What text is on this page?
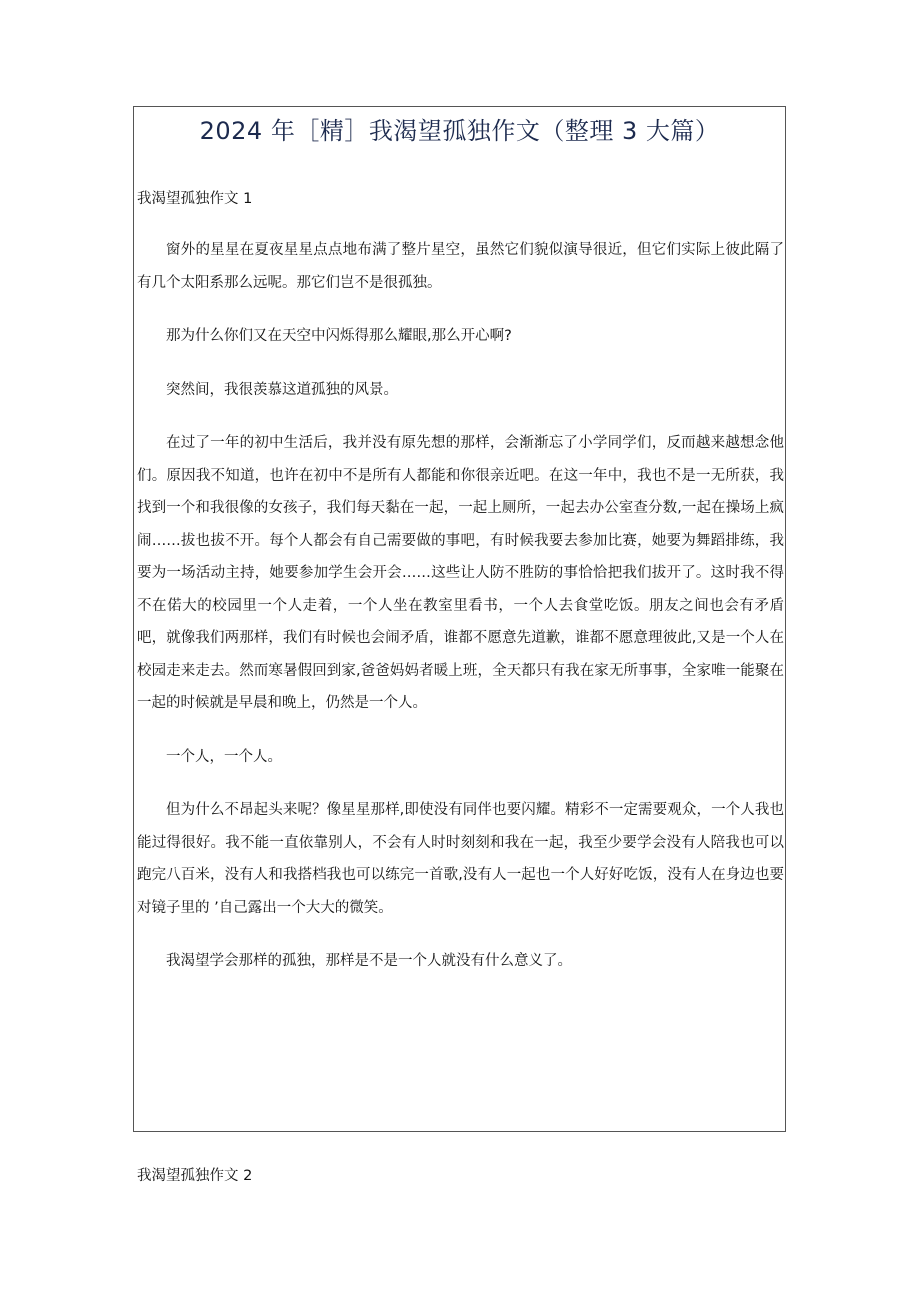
2024 年［精］我渴望孤独作文（整理 3 大篇）
我渴望孤独作文 1

窗外的星星在夏夜星星点点地布满了整片星空，虽然它们貌似演导很近，但它们实际上彼此隔了有几个太阳系那么远呢。那它们岂不是很孤独。

那为什么你们又在天空中闪烁得那么耀眼,那么开心啊?

突然间，我很羡慕这道孤独的风景。

在过了一年的初中生活后，我并没有原先想的那样，会渐渐忘了小学同学们，反而越来越想念他们。原因我不知道，也许在初中不是所有人都能和你很亲近吧。在这一年中，我也不是一无所获，我找到一个和我很像的女孩子，我们每天黏在一起，一起上厕所，一起去办公室查分数,一起在操场上疯闹……拔也拔不开。每个人都会有自己需要做的事吧，有时候我要去参加比赛，她要为舞蹈排练，我要为一场活动主持，她要参加学生会开会……这些让人防不胜防的事恰恰把我们拔开了。这时我不得不在偌大的校园里一个人走着，一个人坐在教室里看书，一个人去食堂吃饭。朋友之间也会有矛盾吧，就像我们两那样，我们有时候也会闹矛盾，谁都不愿意先道歉，谁都不愿意理彼此,又是一个人在校园走来走去。然而寒暑假回到家,爸爸妈妈者暖上班，全天都只有我在家无所事事，全家唯一能聚在一起的时候就是早晨和晚上，仍然是一个人。

一个人，一个人。

但为什么不昂起头来呢？像星星那样,即使没有同伴也要闪耀。精彩不一定需要观众，一个人我也能过得很好。我不能一直依靠别人，不会有人时时刻刻和我在一起，我至少要学会没有人陪我也可以跑完八百米，没有人和我搭档我也可以练完一首歌,没有人一起也一个人好好吃饭，没有人在身边也要对镜子里的 ’自己露出一个大大的微笑。

我渴望学会那样的孤独，那样是不是一个人就没有什么意义了。

我渴望孤独作文 2
